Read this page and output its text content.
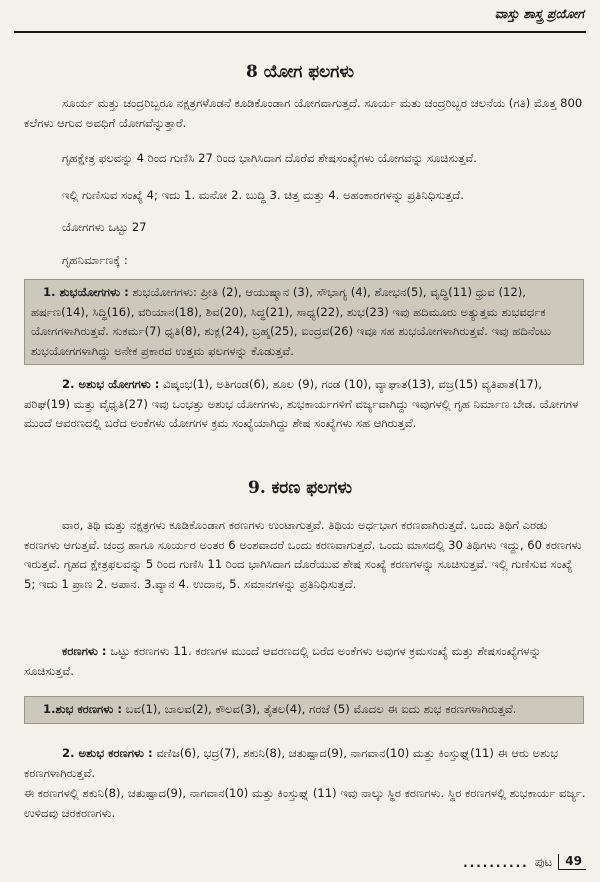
ವಾಸ್ತು ಶಾಸ್ತ್ರ ಪ್ರಯೋಗ
8 ಯೋಗ ಫಲಗಳು

ಸೂರ್ಯ ಮತ್ತು ಚಂದ್ರರಿಬ್ಬರೂ ನಕ್ಷತ್ರಗಳೊಡನೆ ಕೂಡಿಕೊಂಡಾಗ ಯೋಗವಾಗುತ್ತದೆ. ಸೂರ್ಯ ಮತು ಚಂದ್ರರಿಬ್ಬರ ಚಲನೆಯ (ಗತಿ) ಮೊತ್ತ 800 ಕಲೆಗಳು ಆಗುವ ಅವಧಿಗೆ ಯೋಗವೆನ್ನುತ್ತಾರೆ.

ಗೃಹಕ್ಷೇತ್ರ ಫಲವನ್ನು 4 ರಿಂದ ಗುಣಿಸಿ 27 ರಿಂದ ಭಾಗಿಸಿದಾಗ ದೊರೆವ ಶೇಷಸಂಖ್ಯೆಗಳು ಯೋಗವನ್ನು ಸೂಚಿಸುತ್ತವೆ.

ಇಲ್ಲಿ ಗುಣಿಸುವ ಸಂಖ್ಯೆ 4; ಇದು 1. ಮನೋ 2. ಬುದ್ಧಿ 3. ಚಿತ್ತ ಮತ್ತು 4. ಅಹಂಕಾರಗಳನ್ನು ಪ್ರತಿನಿಧಿಸುತ್ತದೆ.

ಯೋಗಗಳು ಒಟ್ಟು 27

ಗೃಹನಿರ್ಮಾಣಕ್ಕೆ :

1. ಶುಭಯೋಗಗಳು : ಶುಭಯೋಗಗಳು: ಪ್ರೀತಿ (2), ಆಯುಷ್ಮಾನ (3), ಸೌಭಾಗ್ಯ (4), ಶೋಭನ(5), ವೃದ್ಧಿ(11) ಧ್ರುವ (12), ಹರ್ಷಣ(14), ಸಿದ್ಧಿ(16), ವರಿಯಾನ(18), ಶಿವ(20), ಸಿದ್ಧ(21), ಸಾಧ್ಯ(22), ಶುಭ(23) ಇವು ಹದಿಮೂರು ಅತ್ಯುತ್ತಮ ಶುಭವರ್ಧಕ ಯೋಗಗಳಾಗಿರುತ್ತವೆ. ಸುಕರ್ಮ(7) ಧೃತಿ(8), ಶುಕ್ಲ(24), ಬ್ರಹ್ಮ(25), ಐಂದ್ರವ(26) ಇವೂ ಸಹ ಶುಭಯೋಗಳಾಗಿರುತ್ತವೆ. ಇವು ಹದಿನೆಂಟು ಶುಭಯೋಗಗಳಾಗಿದ್ದು ಅನೇಕ ಪ್ರಕಾರದ ಉತ್ತಮ ಫಲಗಳನ್ನು ಕೊಡುತ್ತವೆ.

2. ಅಶುಭ ಯೋಗಗಳು : ವಿಷ್ಕಂಭ(1), ಅತಿಗಂಡ(6), ಶೂಲ (9), ಗಂಡ (10), ವ್ಯಾಘಾತ(13), ವಜ್ರ(15) ವ್ಯತಿಪಾತ(17), ಪರಿಘ(19) ಮತ್ತು ವೈಧೃತಿ(27) ಇವು ಒಂಭತ್ತು ಅಶುಭ ಯೋಗಗಳು, ಶುಭಕಾರ್ಯಗಳಿಗೆ ವರ್ಜ್ಯವಾಗಿದ್ದು ಇವುಗಳಲ್ಲಿ ಗೃಹ ನಿರ್ಮಾಣ ಬೇಡ. ಯೋಗಗಳ ಮುಂದೆ ಆವರಣದಲ್ಲಿ ಬರೆದ ಅಂಕೆಗಳು ಯೋಗಗಳ ಕ್ರಮ ಸಂಖ್ಯೆಯಾಗಿದ್ದು ಶೇಷ ಸಂಖ್ಯೆಗಳು ಸಹ ಆಗಿರುತ್ತವೆ.

9. ಕರಣ ಫಲಗಳು

ವಾರ, ತಿಥಿ ಮತ್ತು ನಕ್ಷತ್ರಗಳು ಕೂಡಿಕೊಂಡಾಗ ಕರಣಗಳು ಉಂಟಾಗುತ್ತವೆ. ತಿಥಿಯ ಅರ್ಧಭಾಗ ಕರಣವಾಗಿರುತ್ತದೆ. ಒಂದು ತಿಥಿಗೆ ಎರಡು ಕರಣಗಳು ಆಗುತ್ತವೆ. ಚಂದ್ರ ಹಾಗೂ ಸೂರ್ಯರ ಅಂತರ 6 ಅಂಶವಾದರೆ ಒಂದು ಕರಣವಾಗುತ್ತದೆ. ಒಂದು ಮಾಸದಲ್ಲಿ 30 ತಿಥಿಗಳು ಇದ್ದು, 60 ಕರಣಗಳು ಇರುತ್ತವೆ. ಗೃಹದ ಕ್ಷೇತ್ರಫಲವನ್ನು 5 ರಿಂದ ಗುಣಿಸಿ 11 ರಿಂದ ಭಾಗಿಸಿದಾಗ ದೊರೆಯುವ ಶೇಷ ಸಂಖ್ಯೆ ಕರಣಗಳನ್ನು ಸೂಚಿಸುತ್ತವೆ. ಇಲ್ಲಿ ಗುಣಿಸುವ ಸಂಖ್ಯೆ 5; ಇದು 1 ಪ್ರಾಣ 2. ಅಪಾನ. 3.ವ್ಯಾನ 4. ಉದಾನ, 5. ಸಮಾನಗಳನ್ನು ಪ್ರತಿನಿಧಿಸುತ್ತದೆ.

ಕರಣಗಳು : ಒಟ್ಟು ಕರಣಗಳು 11. ಕರಣಗಳ ಮುಂದೆ ಆವರಣದಲ್ಲಿ ಬರೆದ ಅಂಕೆಗಳು ಅವುಗಳ ಕ್ರಮಸಂಖ್ಯೆ ಮತ್ತು ಶೇಷಸಂಖ್ಯೆಗಳನ್ನು ಸೂಚಿಸುತ್ತವೆ.

1.ಶುಭ ಕರಣಗಳು : ಬವ(1), ಬಾಲವ(2), ಕೌಲವ(3), ತೈತಲ(4), ಗರಜೆ (5) ಮೊದಲ ಈ ಐದು ಶುಭ ಕರಣಗಳಾಗಿರುತ್ತವೆ.

2. ಅಶುಭ ಕರಣಗಳು : ವಣಿಜ(6), ಭದ್ರ(7), ಶಕುನಿ(8), ಚತುಷ್ಪಾದ(9), ನಾಗವಾನ(10) ಮತ್ತು ಕಿಂಸ್ತುಘ್ನ(11) ಈ ಆರು ಅಶುಭ ಕರಣಗಳಾಗಿರುತ್ತವೆ.

ಈ ಕರಣಗಳಲ್ಲಿ ಶಕುನಿ(8), ಚತುಷ್ಪಾದ(9), ನಾಗವಾನ(10) ಮತ್ತು ಕಿಂಸ್ತುಘ್ನ (11) ಇವು ನಾಲ್ಕು ಸ್ಥಿರ ಕರಣಗಳು. ಸ್ಥಿರ ಕರಣಗಳಲ್ಲಿ ಶುಭಕಾರ್ಯ ವರ್ಜ್ಯ. ಉಳಿದವು ಚರಕರಣಗಳು.

.......... ಪುಟ	49
